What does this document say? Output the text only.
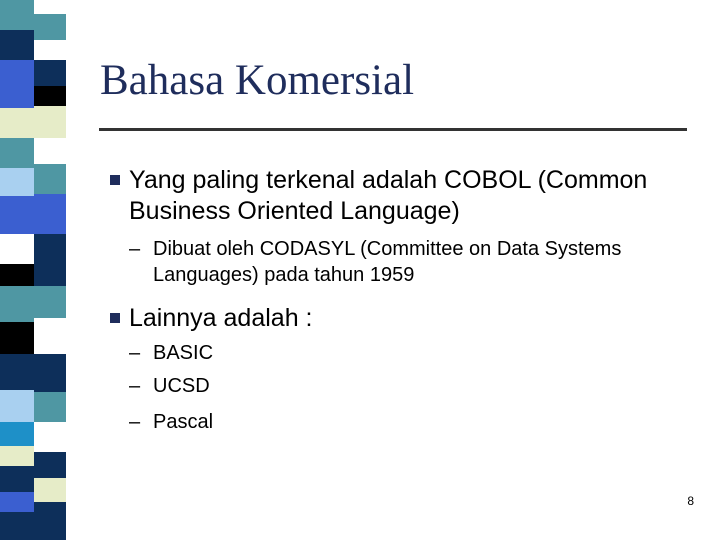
Bahasa Komersial
Yang paling terkenal adalah COBOL (Common Business Oriented Language)
– Dibuat oleh CODASYL (Committee on Data Systems Languages) pada tahun 1959
Lainnya adalah :
– BASIC
– UCSD
– Pascal
8
